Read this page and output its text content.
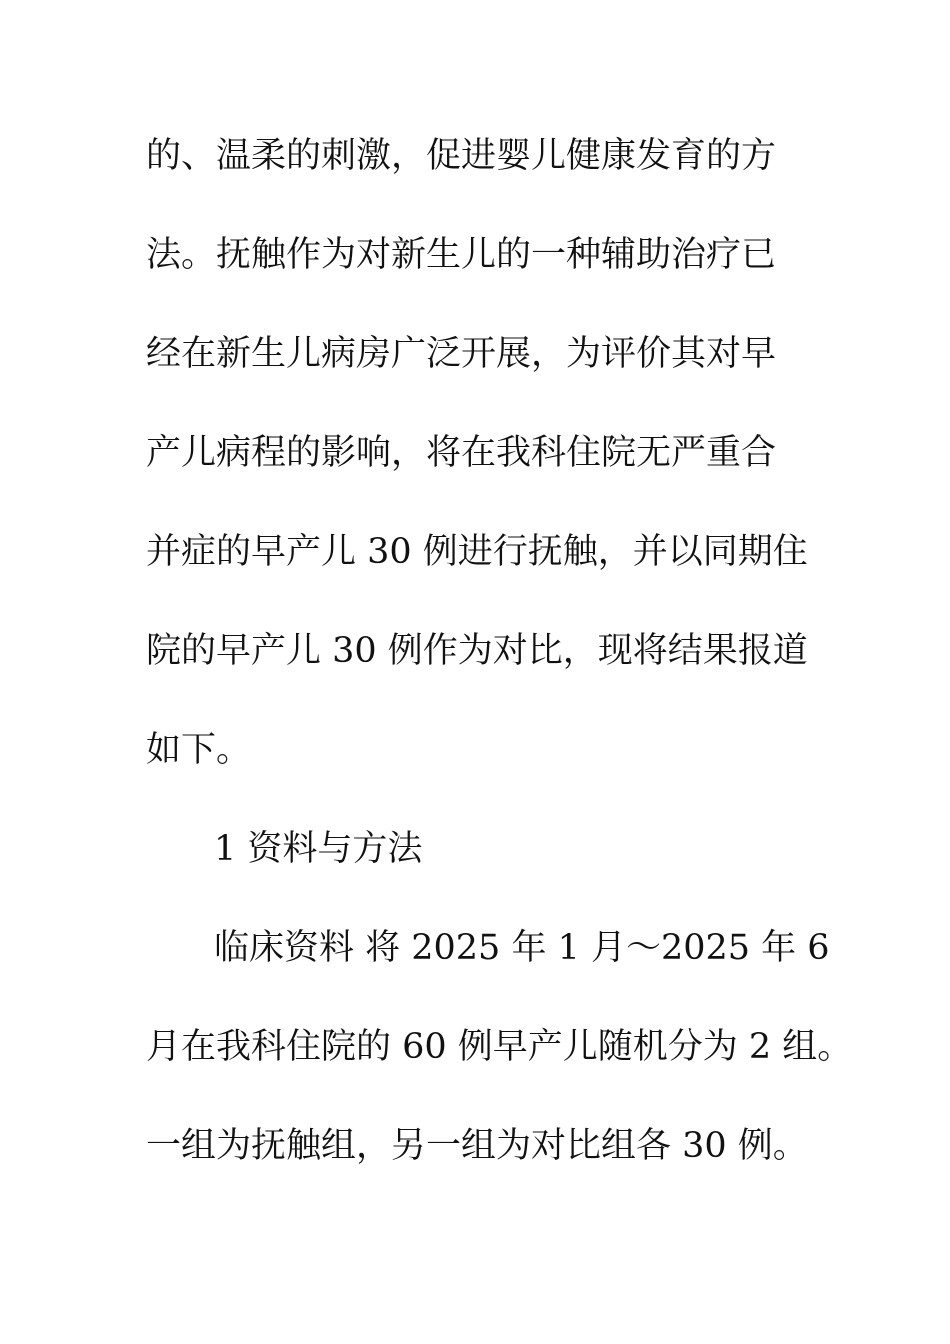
的、温柔的刺激，促进婴儿健康发育的方
法。抚触作为对新生儿的一种辅助治疗已
经在新生儿病房广泛开展，为评价其对早
产儿病程的影响，将在我科住院无严重合
并症的早产儿 30 例进行抚触，并以同期住
院的早产儿 30 例作为对比，现将结果报道
如下。
1 资料与方法
临床资料 将 2025 年 1 月～2025 年 6
月在我科住院的 60 例早产儿随机分为 2 组。
一组为抚触组，另一组为对比组各 30 例。
